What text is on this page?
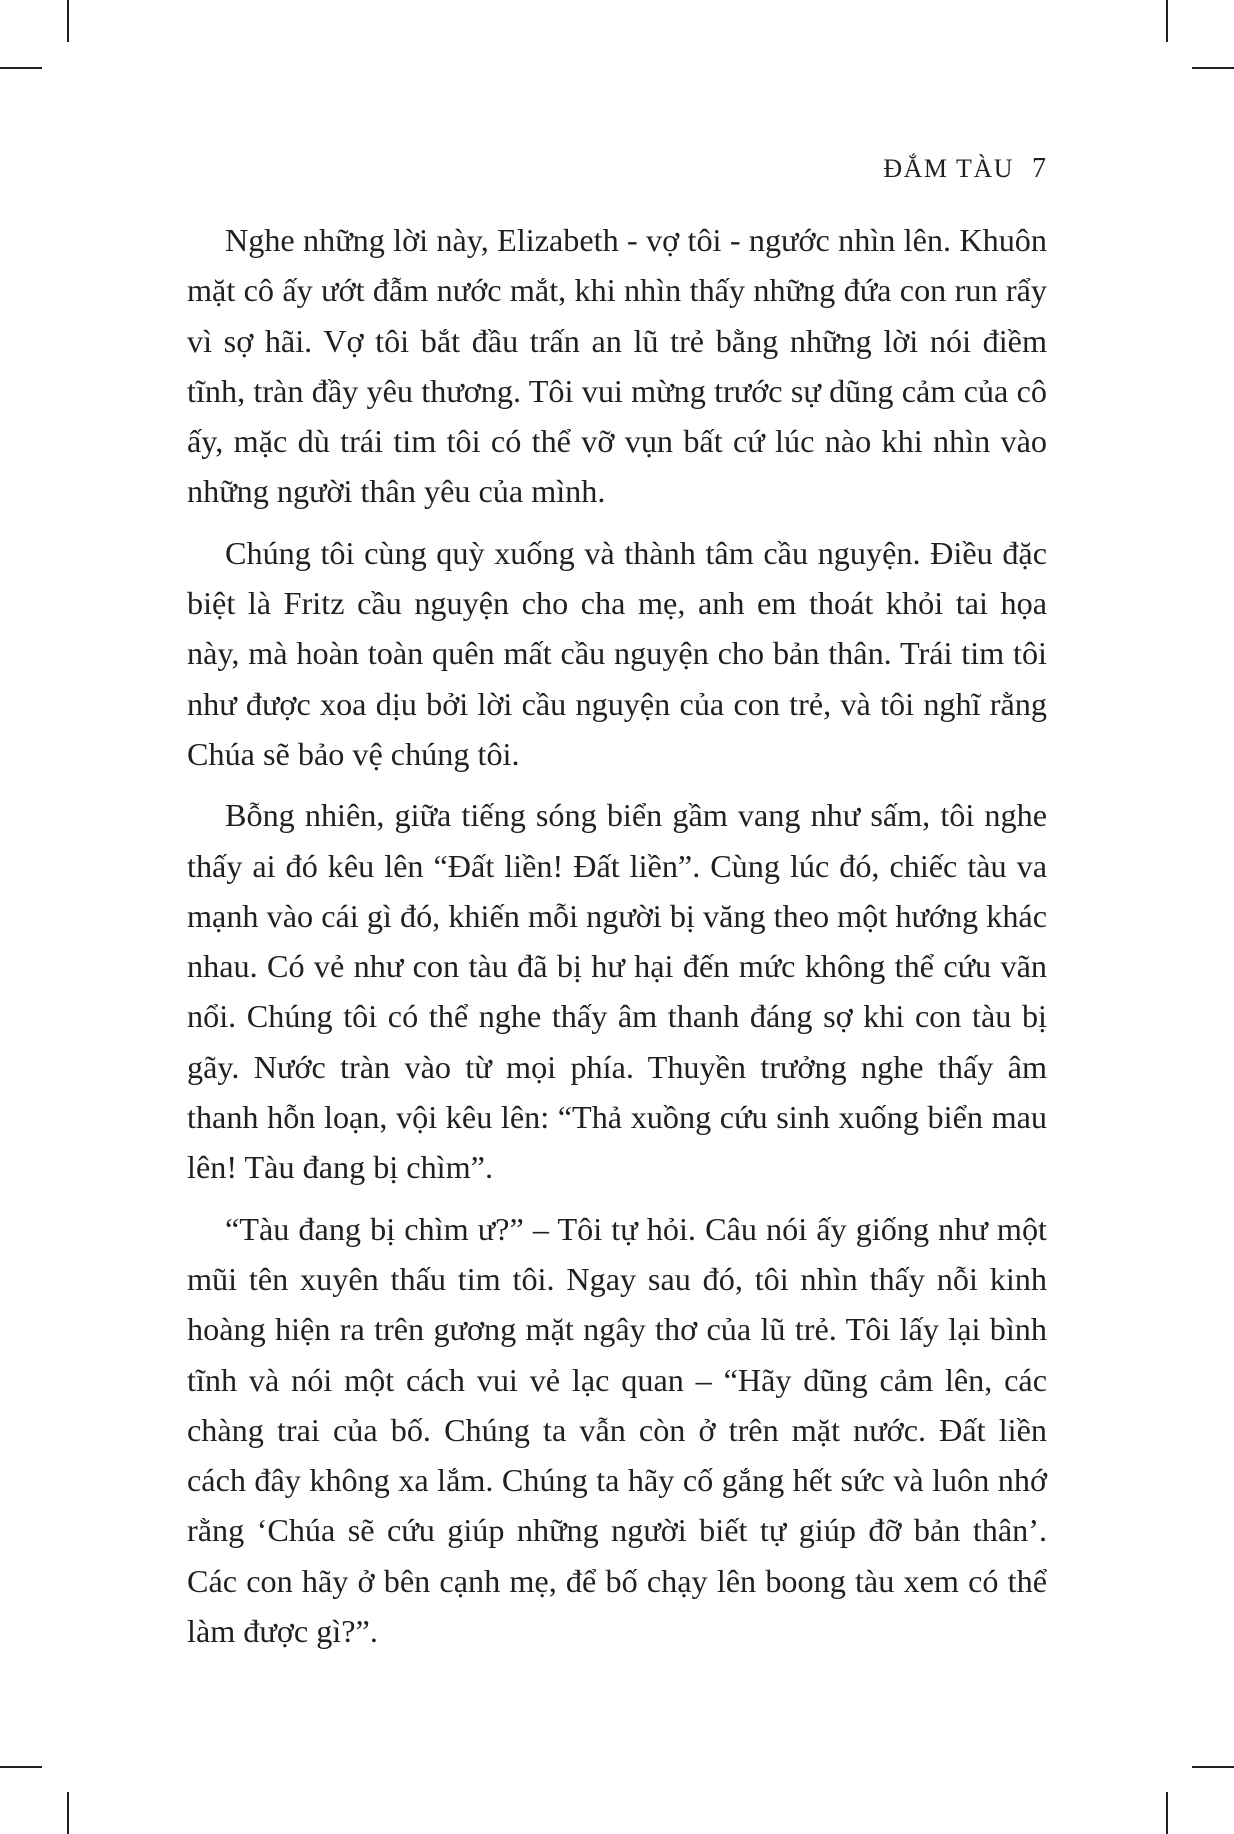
ĐẮM TÀU 7

Nghe những lời này, Elizabeth - vợ tôi - ngước nhìn lên. Khuôn mặt cô ấy ướt đẫm nước mắt, khi nhìn thấy những đứa con run rẩy vì sợ hãi. Vợ tôi bắt đầu trấn an lũ trẻ bằng những lời nói điềm tĩnh, tràn đầy yêu thương. Tôi vui mừng trước sự dũng cảm của cô ấy, mặc dù trái tim tôi có thể vỡ vụn bất cứ lúc nào khi nhìn vào những người thân yêu của mình.

Chúng tôi cùng quỳ xuống và thành tâm cầu nguyện. Điều đặc biệt là Fritz cầu nguyện cho cha mẹ, anh em thoát khỏi tai họa này, mà hoàn toàn quên mất cầu nguyện cho bản thân. Trái tim tôi như được xoa dịu bởi lời cầu nguyện của con trẻ, và tôi nghĩ rằng Chúa sẽ bảo vệ chúng tôi.

Bỗng nhiên, giữa tiếng sóng biển gầm vang như sấm, tôi nghe thấy ai đó kêu lên “Đất liền! Đất liền”. Cùng lúc đó, chiếc tàu va mạnh vào cái gì đó, khiến mỗi người bị văng theo một hướng khác nhau. Có vẻ như con tàu đã bị hư hại đến mức không thể cứu vãn nổi. Chúng tôi có thể nghe thấy âm thanh đáng sợ khi con tàu bị gãy. Nước tràn vào từ mọi phía. Thuyền trưởng nghe thấy âm thanh hỗn loạn, vội kêu lên: “Thả xuồng cứu sinh xuống biển mau lên! Tàu đang bị chìm”.

“Tàu đang bị chìm ư?” – Tôi tự hỏi. Câu nói ấy giống như một mũi tên xuyên thấu tim tôi. Ngay sau đó, tôi nhìn thấy nỗi kinh hoàng hiện ra trên gương mặt ngây thơ của lũ trẻ. Tôi lấy lại bình tĩnh và nói một cách vui vẻ lạc quan – “Hãy dũng cảm lên, các chàng trai của bố. Chúng ta vẫn còn ở trên mặt nước. Đất liền cách đây không xa lắm. Chúng ta hãy cố gắng hết sức và luôn nhớ rằng ‘Chúa sẽ cứu giúp những người biết tự giúp đỡ bản thân’. Các con hãy ở bên cạnh mẹ, để bố chạy lên boong tàu xem có thể làm được gì?”.
